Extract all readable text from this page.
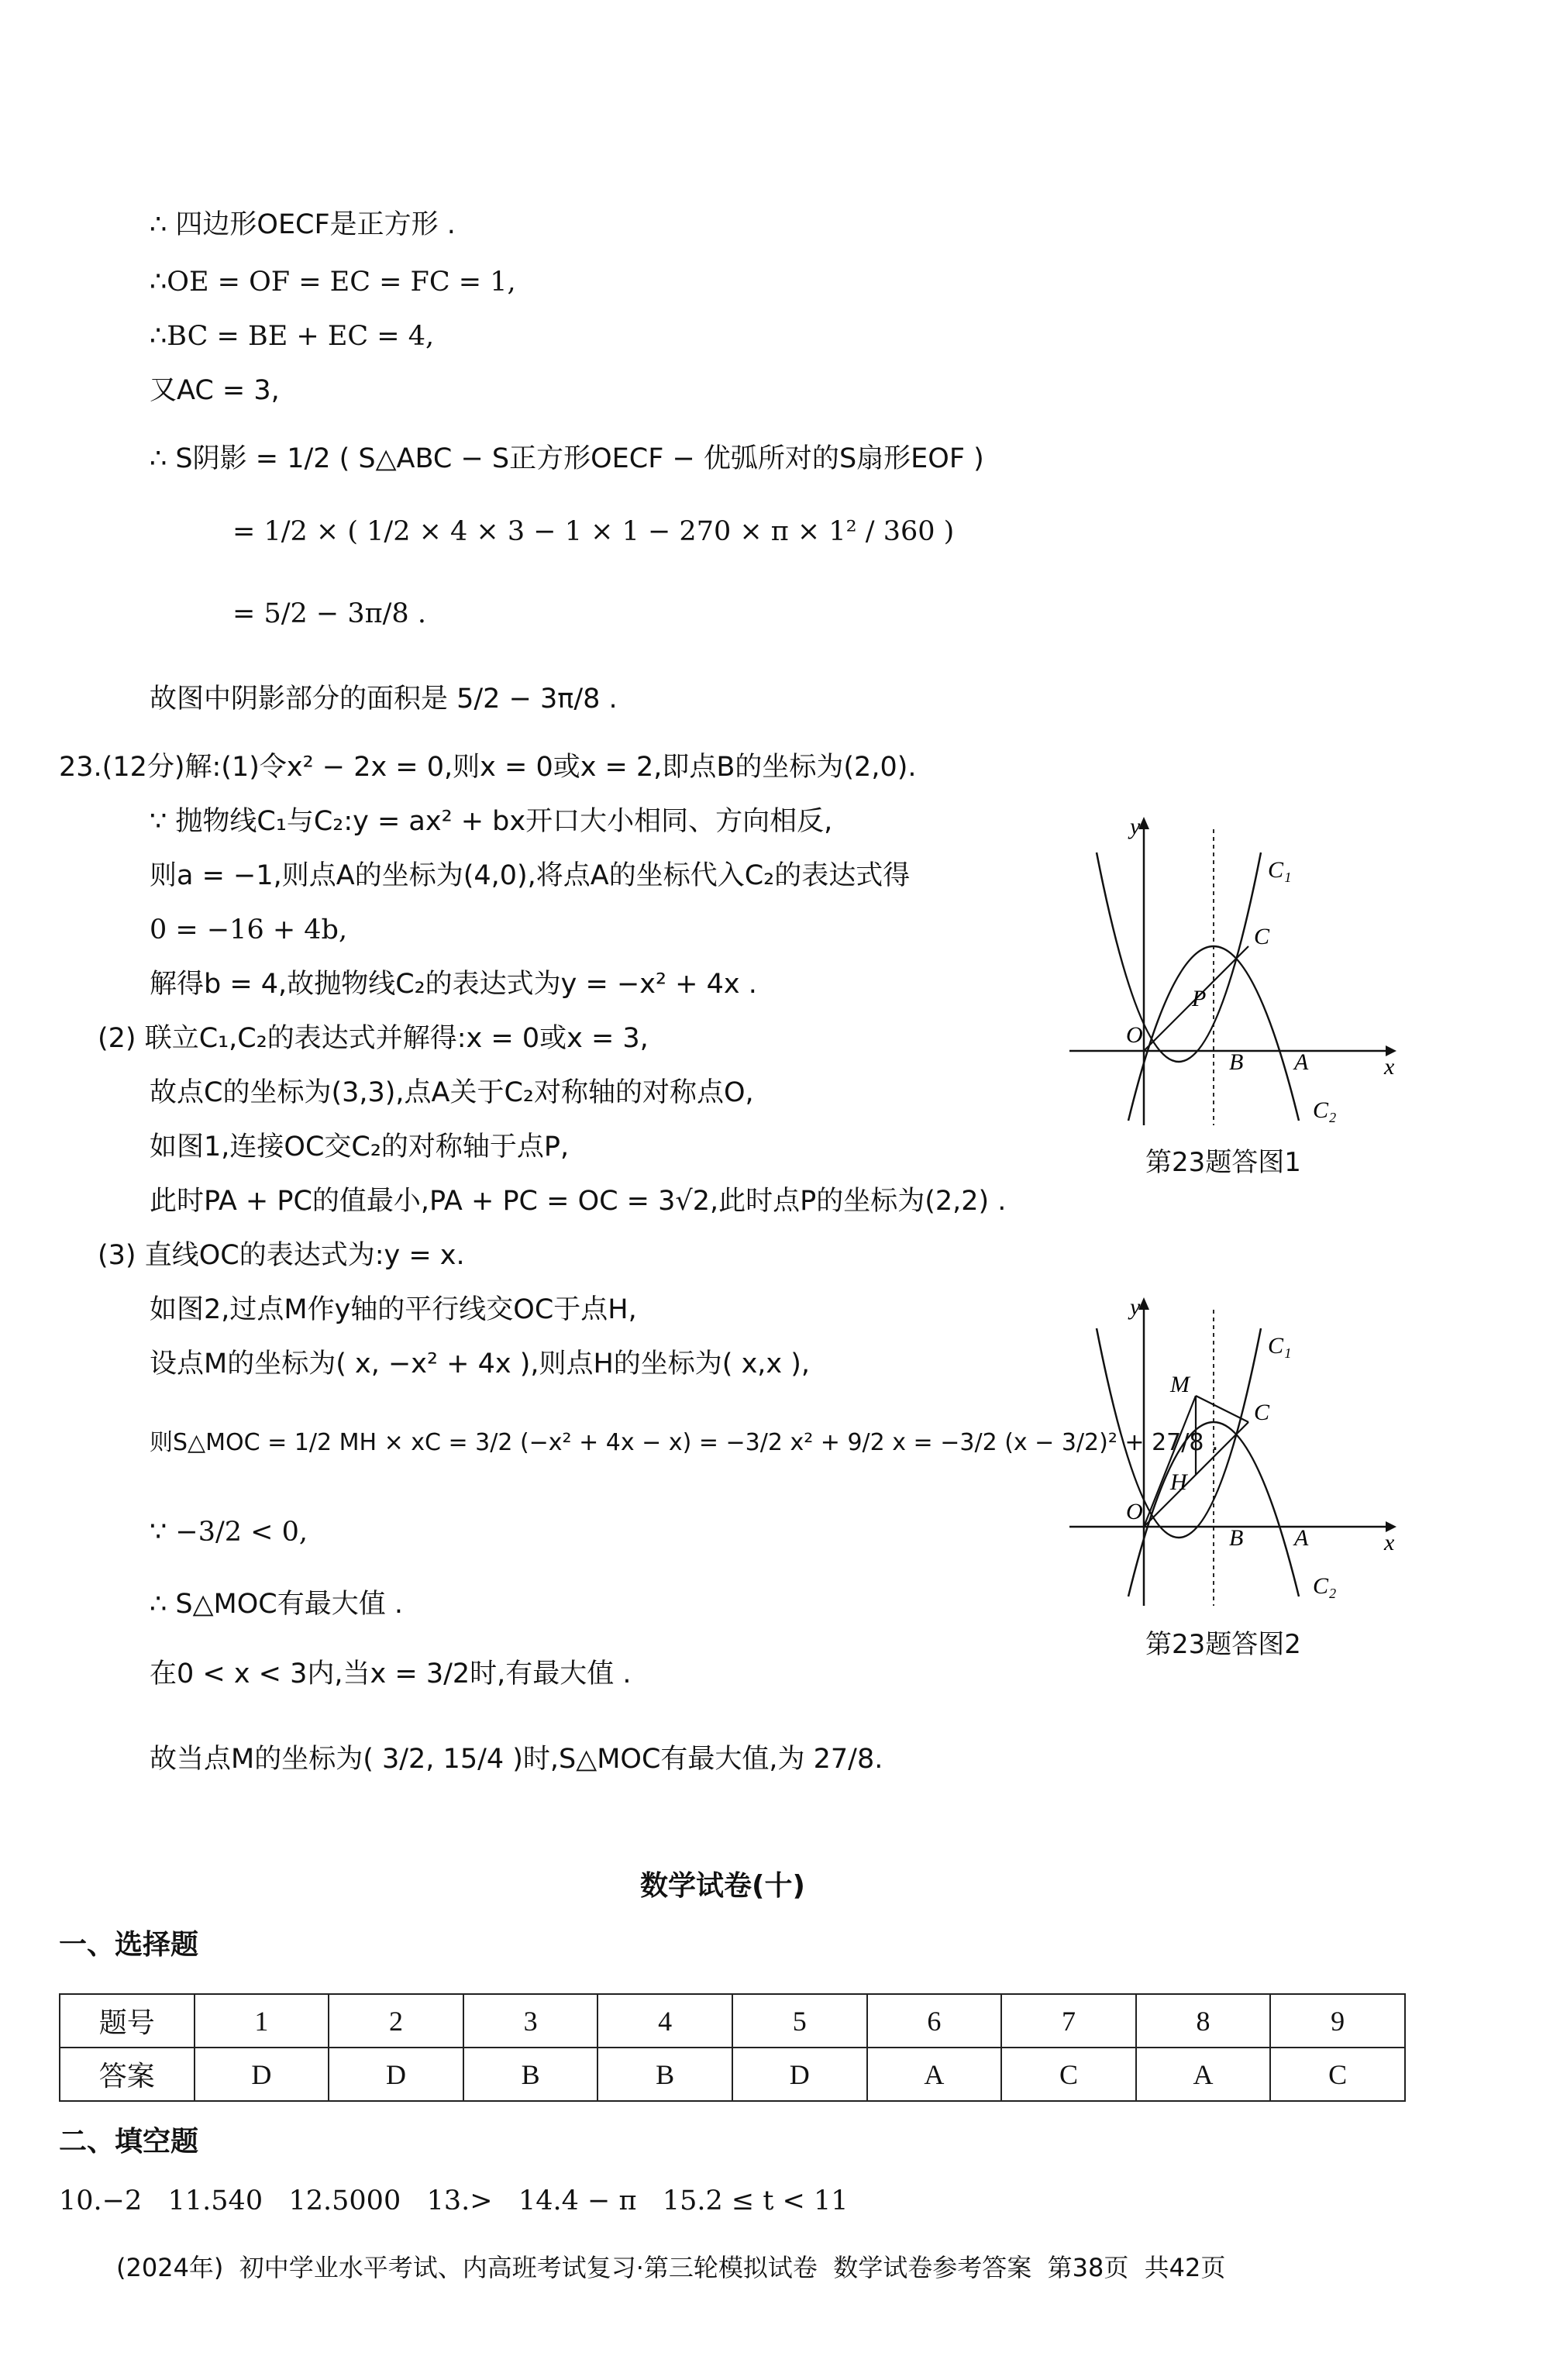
∴ 四边形OECF是正方形 .
∴OE = OF = EC = FC = 1,
∴BC = BE + EC = 4,
又AC = 3,
∴ S阴影 = 1/2 ( S△ABC − S正方形OECF − 优弧所对的S扇形EOF )
= 1/2 × ( 1/2 × 4 × 3 − 1 × 1 − 270 × π × 1² / 360 )
= 5/2 − 3π/8 .
故图中阴影部分的面积是 5/2 − 3π/8 .
23.(12分)解:(1)令x² − 2x = 0,则x = 0或x = 2,即点B的坐标为(2,0).
∵ 抛物线C₁与C₂:y = ax² + bx开口大小相同、方向相反,
则a = −1,则点A的坐标为(4,0),将点A的坐标代入C₂的表达式得
0 = −16 + 4b,
解得b = 4,故抛物线C₂的表达式为y = −x² + 4x .
(2) 联立C₁,C₂的表达式并解得:x = 0或x = 3,
故点C的坐标为(3,3),点A关于C₂对称轴的对称点O,
如图1,连接OC交C₂的对称轴于点P,
此时PA + PC的值最小,PA + PC = OC = 3√2,此时点P的坐标为(2,2) .
(3) 直线OC的表达式为:y = x.
如图2,过点M作y轴的平行线交OC于点H,
设点M的坐标为( x, −x² + 4x ),则点H的坐标为( x,x ),
则S△MOC = 1/2 MH × xC = 3/2 (−x² + 4x − x) = −3/2 x² + 9/2 x = −3/2 (x − 3/2)² + 27/8 .
∵ −3/2 < 0,
∴ S△MOC有最大值 .
在0 < x < 3内,当x = 3/2时,有最大值 .
故当点M的坐标为( 3/2, 15/4 )时,S△MOC有最大值,为 27/8.
O
B A	x
y
C
P
C₁
C₂
第23题答图1
O
B A	x
y
C
M
H
C₁
C₂
第23题答图2
数学试卷(十)
一、选择题
题号	1	2	3	4	5	6	7	8	9
答案	D	D	B	B	D	A	C	A	C
二、填空题
10.−2   11.540   12.5000   13.>   14.4 − π   15.2 ≤ t < 11
(2024年)  初中学业水平考试、内高班考试复习·第三轮模拟试卷  数学试卷参考答案  第38页  共42页
